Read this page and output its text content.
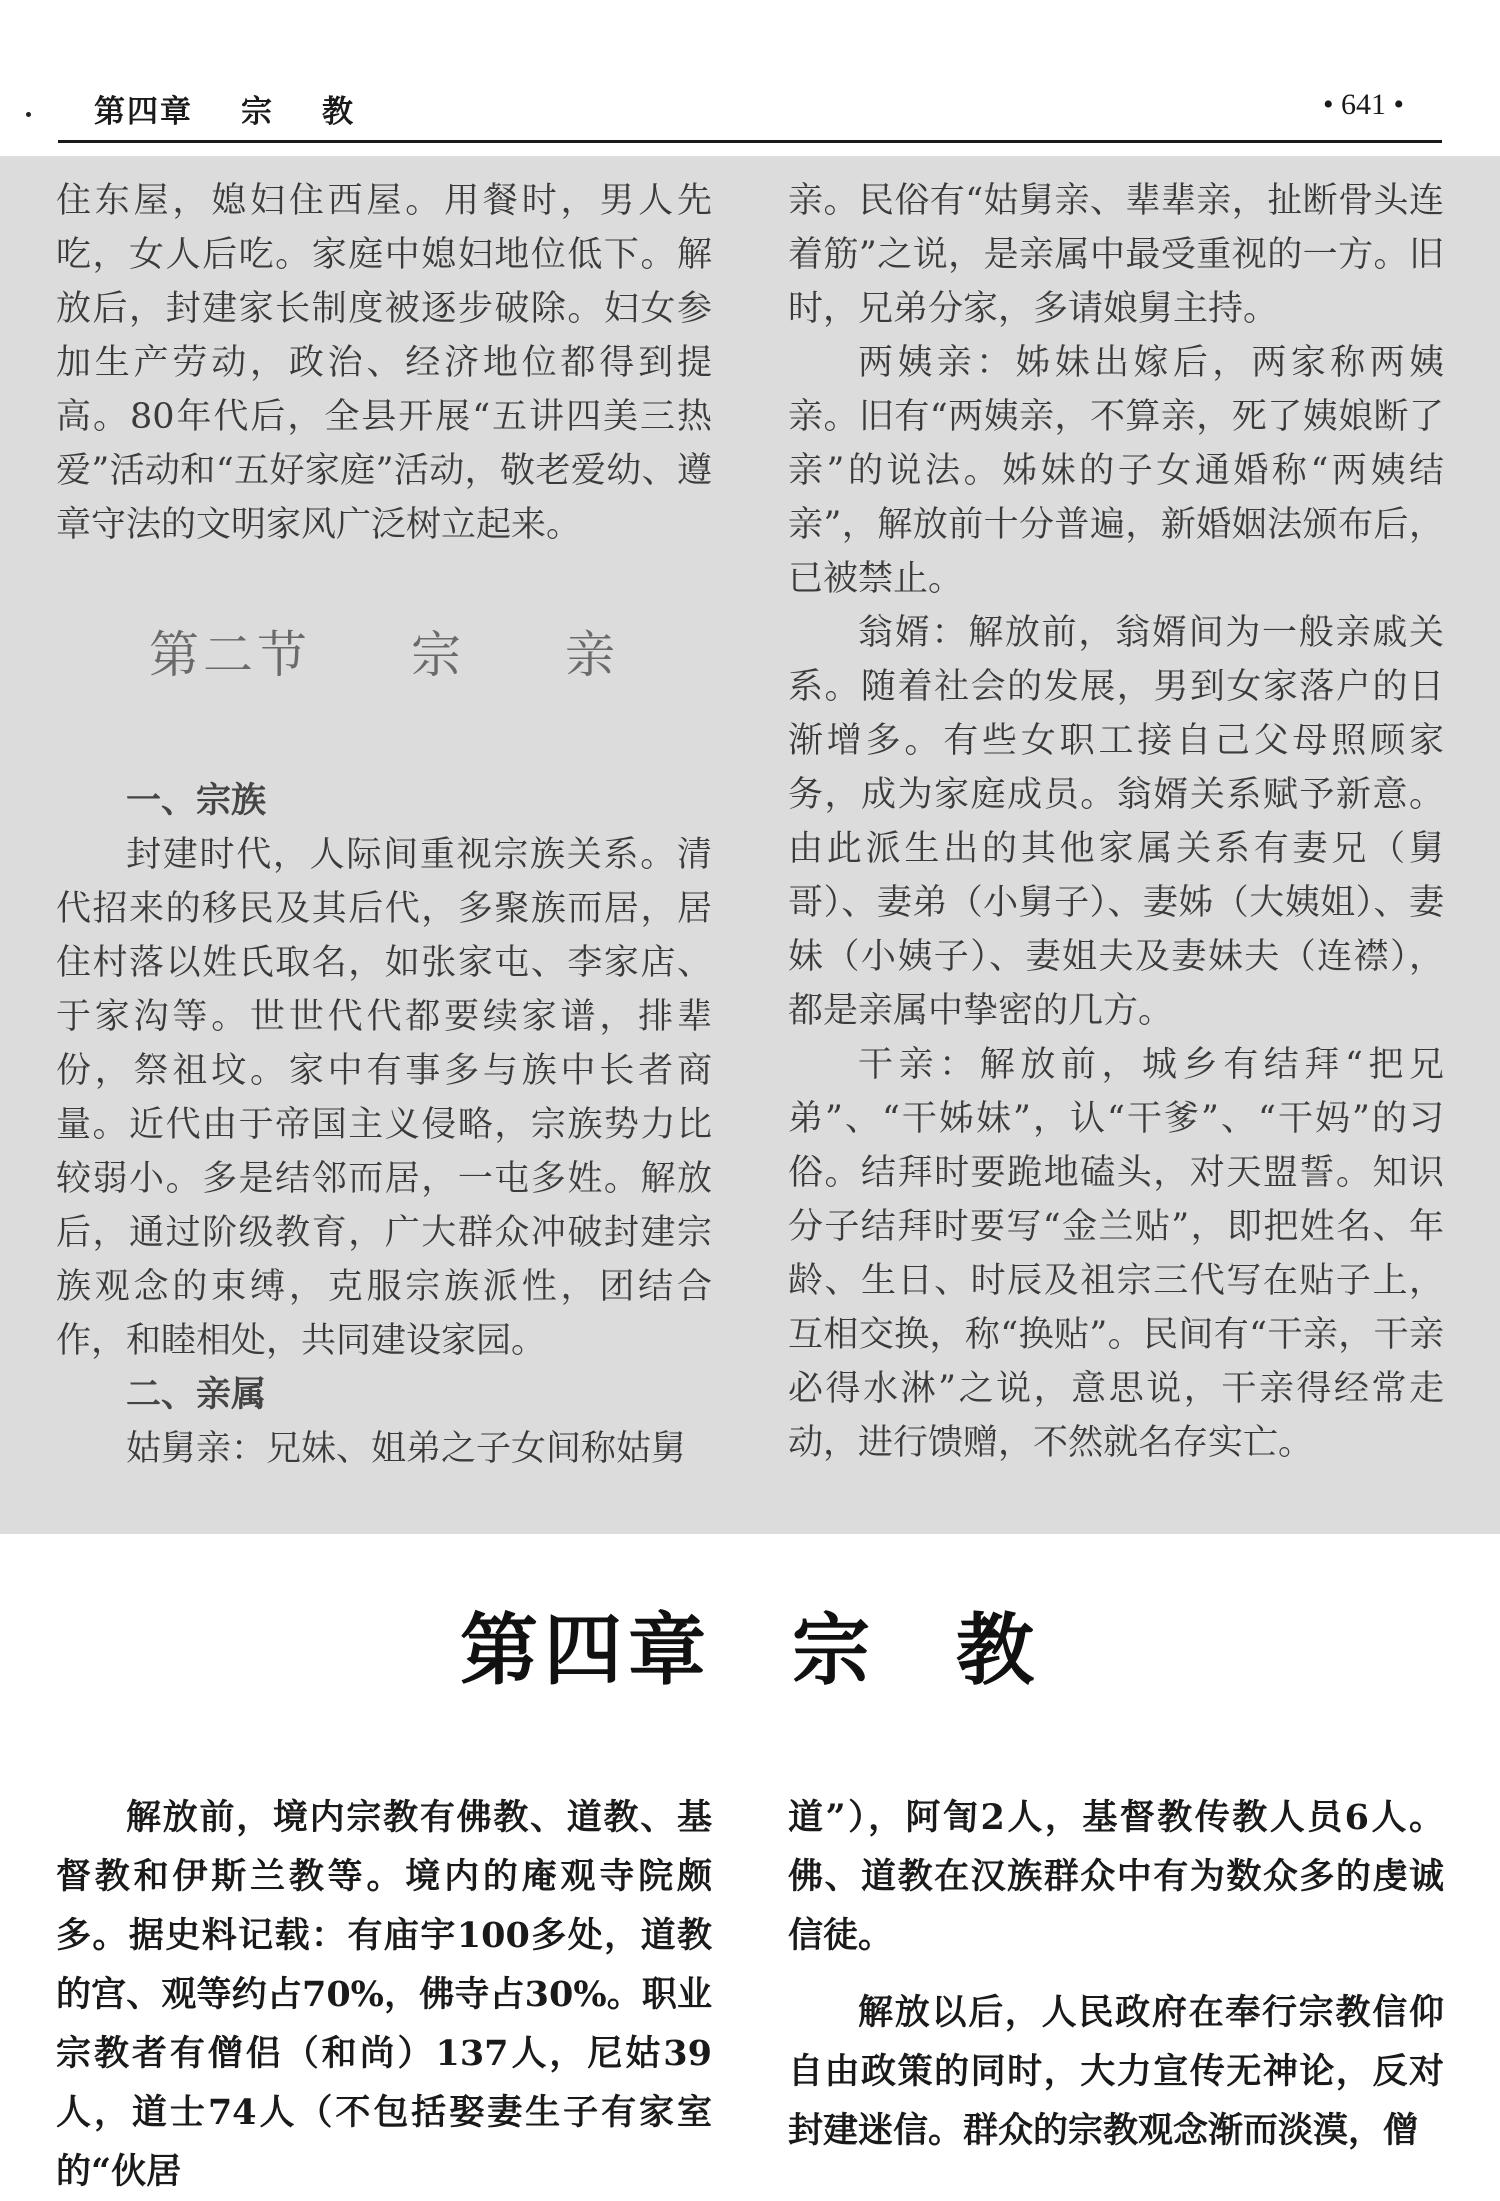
第四章 宗 教	• 641 •

住东屋，媳妇住西屋。用餐时，男人先吃，女人后吃。家庭中媳妇地位低下。解放后，封建家长制度被逐步破除。妇女参加生产劳动，政治、经济地位都得到提高。80年代后，全县开展“五讲四美三热爱”活动和“五好家庭”活动，敬老爱幼、遵章守法的文明家风广泛树立起来。

第二节 宗 亲

一、宗族

封建时代，人际间重视宗族关系。清代招来的移民及其后代，多聚族而居，居住村落以姓氏取名，如张家屯、李家店、于家沟等。世世代代都要续家谱，排辈份，祭祖坟。家中有事多与族中长者商量。近代由于帝国主义侵略，宗族势力比较弱小。多是结邻而居，一屯多姓。解放后，通过阶级教育，广大群众冲破封建宗族观念的束缚，克服宗族派性，团结合作，和睦相处，共同建设家园。

二、亲属

姑舅亲：兄妹、姐弟之子女间称姑舅

亲。民俗有“姑舅亲、辈辈亲，扯断骨头连着筋”之说，是亲属中最受重视的一方。旧时，兄弟分家，多请娘舅主持。

两姨亲：姊妹出嫁后，两家称两姨亲。旧有“两姨亲，不算亲，死了姨娘断了亲”的说法。姊妹的子女通婚称“两姨结亲”，解放前十分普遍，新婚姻法颁布后，已被禁止。

翁婿：解放前，翁婿间为一般亲戚关系。随着社会的发展，男到女家落户的日渐增多。有些女职工接自己父母照顾家务，成为家庭成员。翁婿关系赋予新意。由此派生出的其他家属关系有妻兄（舅哥）、妻弟（小舅子）、妻姊（大姨姐）、妻妹（小姨子）、妻姐夫及妻妹夫（连襟），都是亲属中挚密的几方。

干亲：解放前，城乡有结拜“把兄弟”、“干姊妹”，认“干爹”、“干妈”的习俗。结拜时要跪地磕头，对天盟誓。知识分子结拜时要写“金兰贴”，即把姓名、年龄、生日、时辰及祖宗三代写在贴子上，互相交换，称“换贴”。民间有“干亲，干亲必得水淋”之说，意思说，干亲得经常走动，进行馈赠，不然就名存实亡。

第四章 宗 教

解放前，境内宗教有佛教、道教、基督教和伊斯兰教等。境内的庵观寺院颇多。据史料记载：有庙宇100多处，道教的宫、观等约占70%，佛寺占30%。职业宗教者有僧侣（和尚）137人，尼姑39人，道士74人（不包括娶妻生子有家室的“伙居

道”），阿訇2人，基督教传教人员6人。佛、道教在汉族群众中有为数众多的虔诚信徒。

解放以后，人民政府在奉行宗教信仰自由政策的同时，大力宣传无神论，反对封建迷信。群众的宗教观念渐而淡漠，僧
